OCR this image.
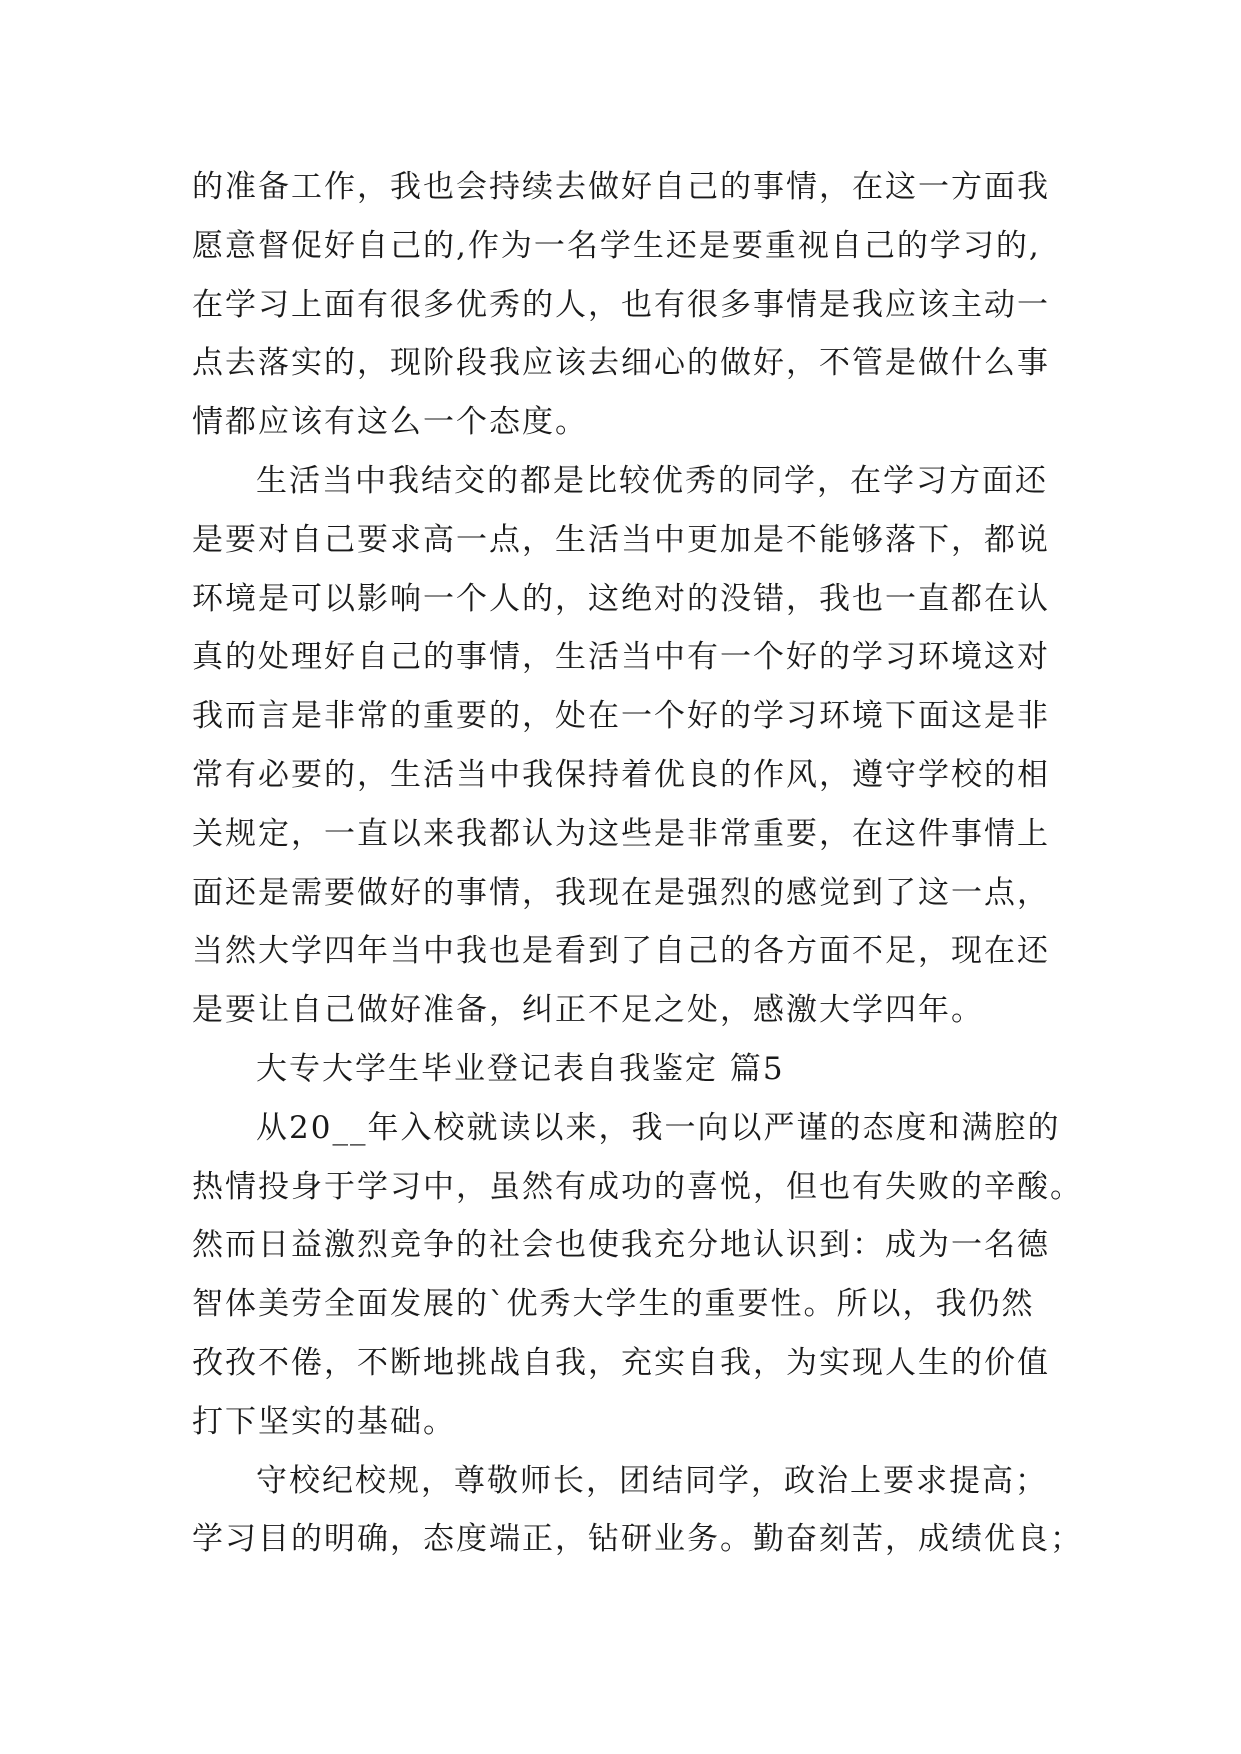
的准备工作，我也会持续去做好自己的事情，在这一方面我
愿意督促好自己的,作为一名学生还是要重视自己的学习的,
在学习上面有很多优秀的人，也有很多事情是我应该主动一
点去落实的，现阶段我应该去细心的做好，不管是做什么事
情都应该有这么一个态度。
生活当中我结交的都是比较优秀的同学，在学习方面还
是要对自己要求高一点，生活当中更加是不能够落下，都说
环境是可以影响一个人的，这绝对的没错，我也一直都在认
真的处理好自己的事情，生活当中有一个好的学习环境这对
我而言是非常的重要的，处在一个好的学习环境下面这是非
常有必要的，生活当中我保持着优良的作风，遵守学校的相
关规定，一直以来我都认为这些是非常重要，在这件事情上
面还是需要做好的事情，我现在是强烈的感觉到了这一点，
当然大学四年当中我也是看到了自己的各方面不足，现在还
是要让自己做好准备，纠正不足之处，感激大学四年。
大专大学生毕业登记表自我鉴定 篇5
从20__年入校就读以来，我一向以严谨的态度和满腔的
热情投身于学习中，虽然有成功的喜悦，但也有失败的辛酸。
然而日益激烈竞争的社会也使我充分地认识到：成为一名德
智体美劳全面发展的`优秀大学生的重要性。所以，我仍然
孜孜不倦，不断地挑战自我，充实自我，为实现人生的价值
打下坚实的基础。
守校纪校规，尊敬师长，团结同学，政治上要求提高；
学习目的明确，态度端正，钻研业务。勤奋刻苦，成绩优良；
